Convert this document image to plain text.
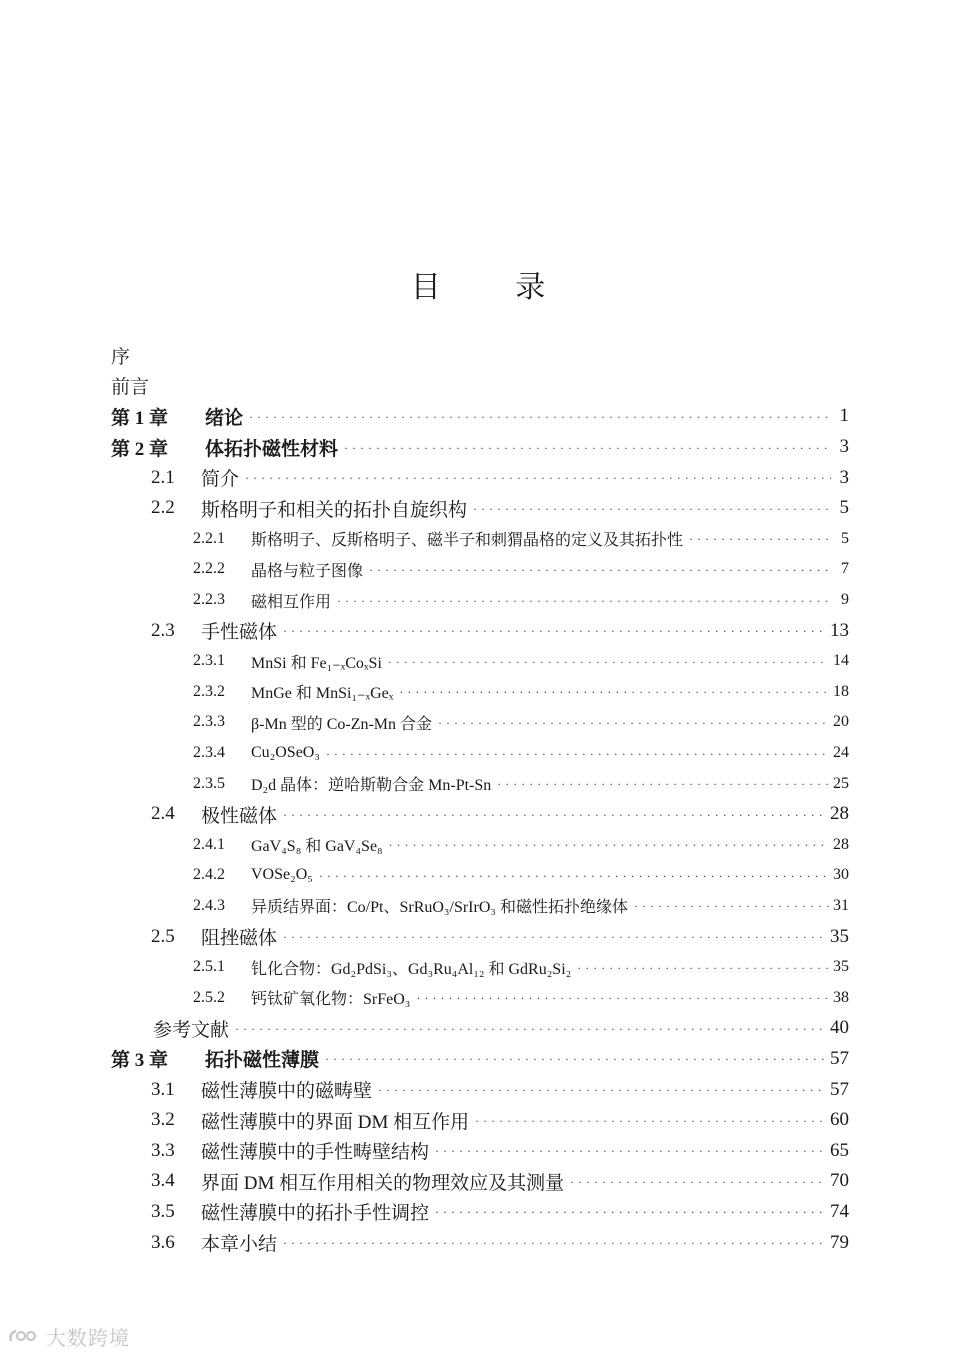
目 录
序
前言
第 1 章	绪论 ·····	1
第 2 章	体拓扑磁性材料 ·····	3
2.1	简介 ·····	3
2.2	斯格明子和相关的拓扑自旋织构 ·····	5
2.2.1	斯格明子、反斯格明子、磁半子和刺猬晶格的定义及其拓扑性 ·····	5
2.2.2	晶格与粒子图像 ·····	7
2.2.3	磁相互作用 ·····	9
2.3	手性磁体 ·····	13
2.3.1	MnSi 和 Fe₁₋ₓCoₓSi ·····	14
2.3.2	MnGe 和 MnSi₁₋ₓGeₓ ·····	18
2.3.3	β-Mn 型的 Co-Zn-Mn 合金 ·····	20
2.3.4	Cu₂OSeO₃ ·····	24
2.3.5	D₂d 晶体：逆哈斯勒合金 Mn-Pt-Sn ·····	25
2.4	极性磁体 ·····	28
2.4.1	GaV₄S₈ 和 GaV₄Se₈ ·····	28
2.4.2	VOSe₂O₅ ·····	30
2.4.3	异质结界面：Co/Pt、SrRuO₃/SrIrO₃ 和磁性拓扑绝缘体 ·····	31
2.5	阻挫磁体 ·····	35
2.5.1	钆化合物：Gd₂PdSi₃、Gd₃Ru₄Al₁₂ 和 GdRu₂Si₂ ·····	35
2.5.2	钙钛矿氧化物：SrFeO₃ ·····	38
参考文献 ·····	40
第 3 章	拓扑磁性薄膜 ·····	57
3.1	磁性薄膜中的磁畴壁 ·····	57
3.2	磁性薄膜中的界面 DM 相互作用 ·····	60
3.3	磁性薄膜中的手性畴壁结构 ·····	65
3.4	界面 DM 相互作用相关的物理效应及其测量 ·····	70
3.5	磁性薄膜中的拓扑手性调控 ·····	74
3.6	本章小结 ·····	79
大数跨境
